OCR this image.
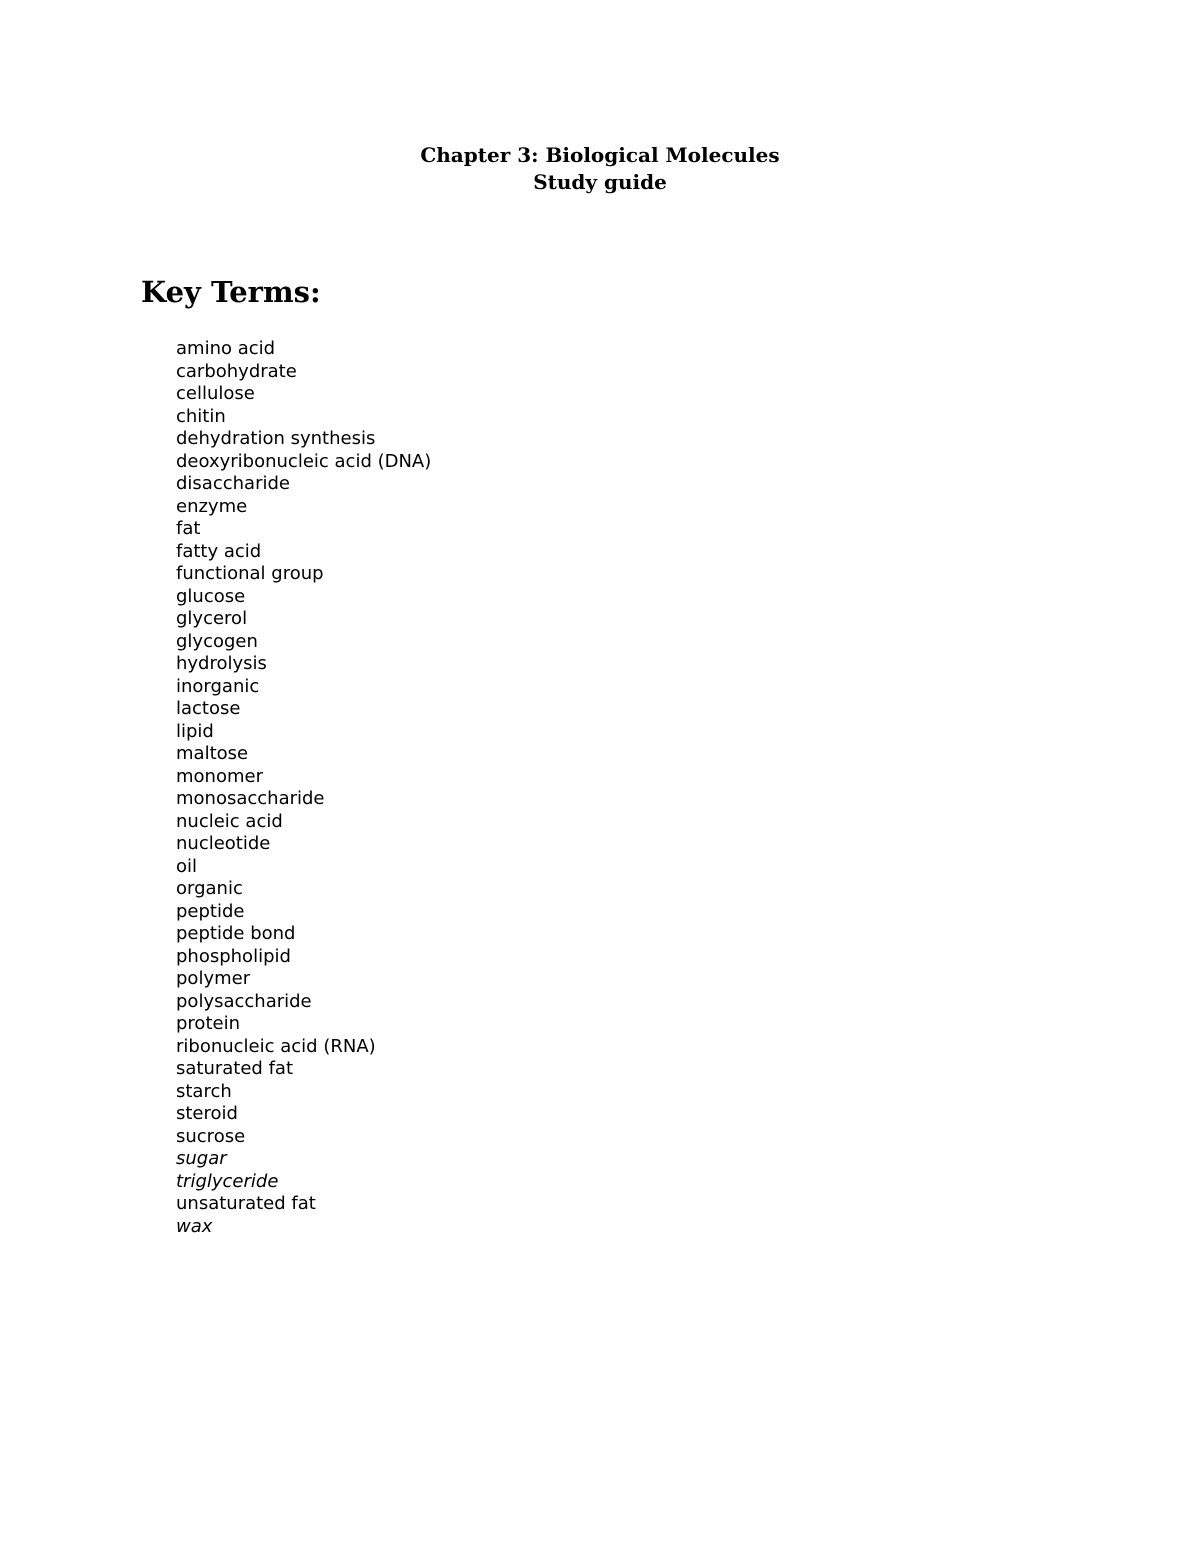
Chapter 3: Biological Molecules
Study guide
Key Terms:
amino acid
carbohydrate
cellulose
chitin
dehydration synthesis
deoxyribonucleic acid (DNA)
disaccharide
enzyme
fat
fatty acid
functional group
glucose
glycerol
glycogen
hydrolysis
inorganic
lactose
lipid
maltose
monomer
monosaccharide
nucleic acid
nucleotide
oil
organic
peptide
peptide bond
phospholipid
polymer
polysaccharide
protein
ribonucleic acid (RNA)
saturated fat
starch
steroid
sucrose
sugar
triglyceride
unsaturated fat
wax
